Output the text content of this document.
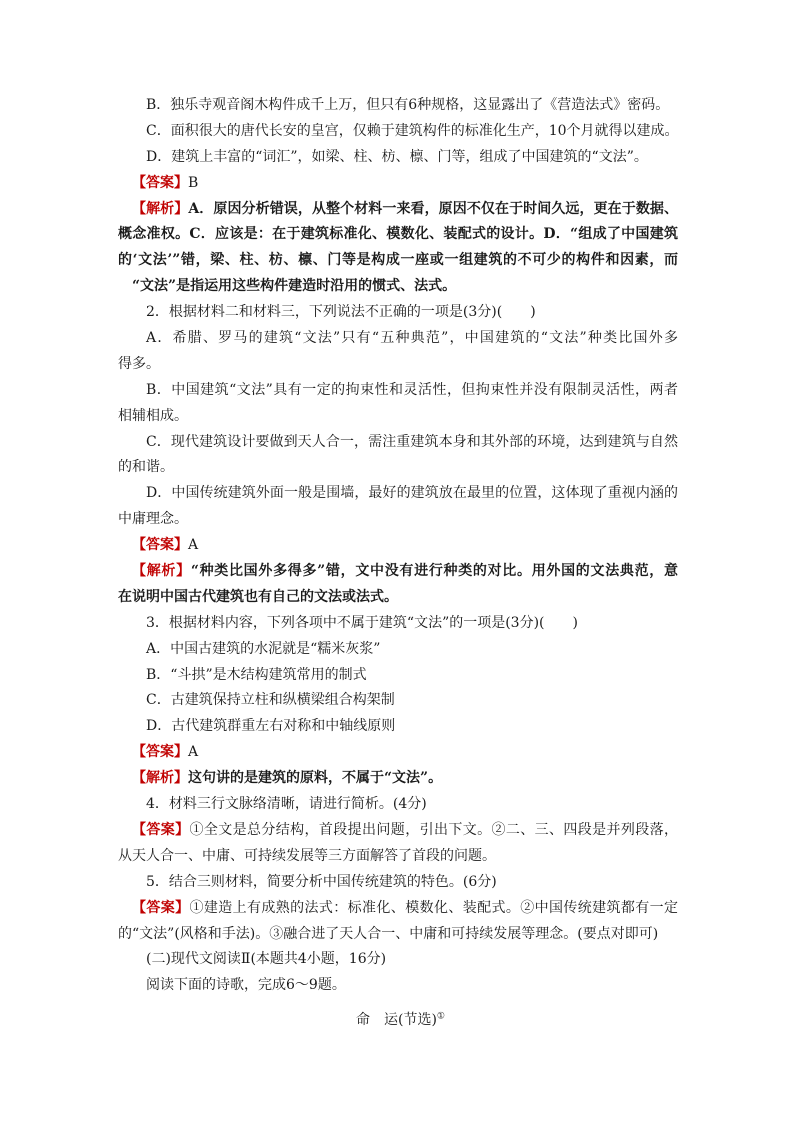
B．独乐寺观音阁木构件成千上万，但只有6种规格，这显露出了《营造法式》密码。
C．面积很大的唐代长安的皇宫，仅赖于建筑构件的标准化生产，10个月就得以建成。
D．建筑上丰富的“词汇”，如梁、柱、枋、檩、门等，组成了中国建筑的“文法”。
【答案】B
【解析】A．原因分析错误，从整个材料一来看，原因不仅在于时间久远，更在于数据、
概念准权。C．应该是：在于建筑标准化、模数化、装配式的设计。D．“组成了中国建筑
的‘文法’”错，梁、柱、枋、檩、门等是构成一座或一组建筑的不可少的构件和因素，而
“文法”是指运用这些构件建造时沿用的惯式、法式。
2．根据材料二和材料三，下列说法不正确的一项是(3分)(　　)
A．希腊、罗马的建筑“文法”只有“五种典范”，中国建筑的“文法”种类比国外多
得多。
B．中国建筑“文法”具有一定的拘束性和灵活性，但拘束性并没有限制灵活性，两者
相辅相成。
C．现代建筑设计要做到天人合一，需注重建筑本身和其外部的环境，达到建筑与自然
的和谐。
D．中国传统建筑外面一般是围墙，最好的建筑放在最里的位置，这体现了重视内涵的
中庸理念。
【答案】A
【解析】“种类比国外多得多”错，文中没有进行种类的对比。用外国的文法典范，意
在说明中国古代建筑也有自己的文法或法式。
3．根据材料内容，下列各项中不属于建筑“文法”的一项是(3分)(　　)
A．中国古建筑的水泥就是“糯米灰浆”
B．“斗拱”是木结构建筑常用的制式
C．古建筑保持立柱和纵横梁组合构架制
D．古代建筑群重左右对称和中轴线原则
【答案】A
【解析】这句讲的是建筑的原料，不属于“文法”。
4．材料三行文脉络清晰，请进行简析。(4分)
【答案】①全文是总分结构，首段提出问题，引出下文。②二、三、四段是并列段落，
从天人合一、中庸、可持续发展等三方面解答了首段的问题。
5．结合三则材料，简要分析中国传统建筑的特色。(6分)
【答案】①建造上有成熟的法式：标准化、模数化、装配式。②中国传统建筑都有一定
的“文法”(风格和手法)。③融合进了天人合一、中庸和可持续发展等理念。(要点对即可)
(二)现代文阅读Ⅱ(本题共4小题，16分)
阅读下面的诗歌，完成6～9题。
命　运(节选)①
